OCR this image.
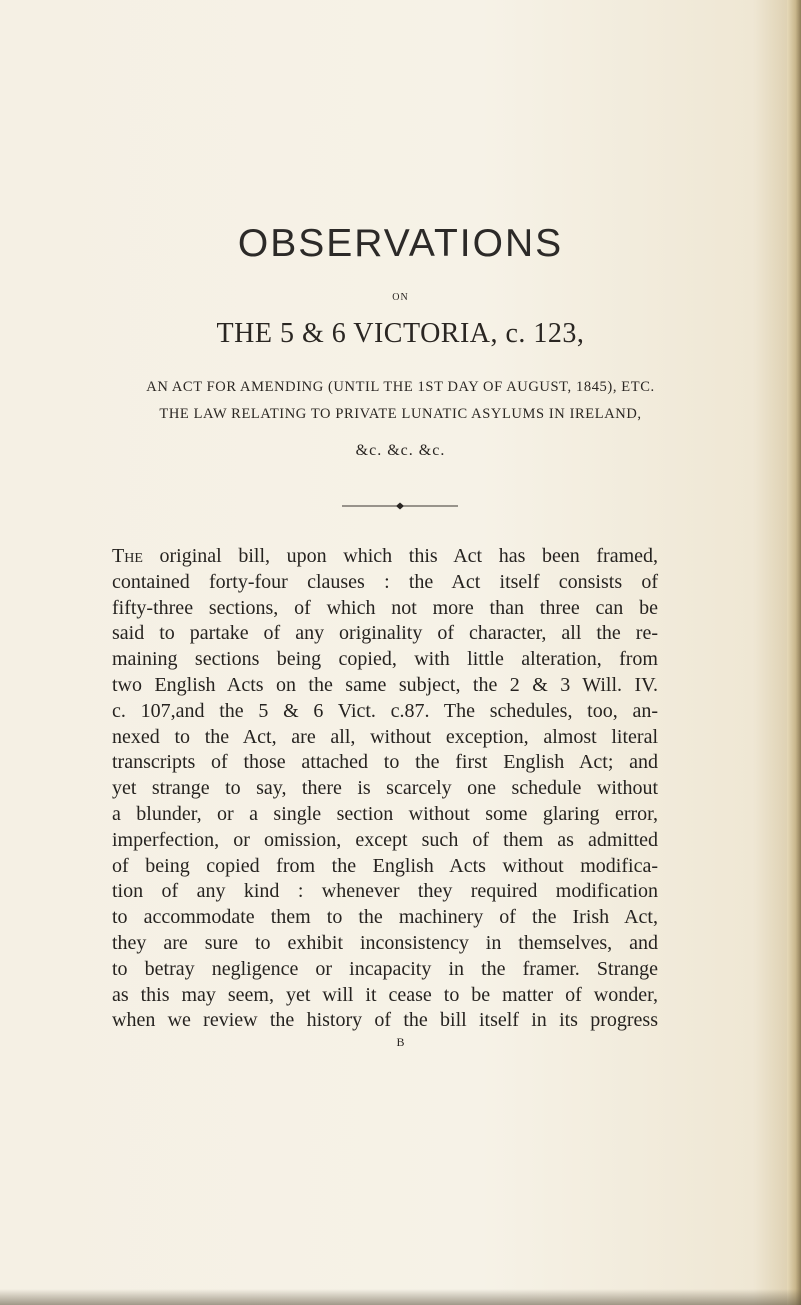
OBSERVATIONS
ON
THE 5 & 6 VICTORIA, c. 123,
AN ACT FOR AMENDING (UNTIL THE 1ST DAY OF AUGUST, 1845), ETC.
THE LAW RELATING TO PRIVATE LUNATIC ASYLUMS IN IRELAND,
&c. &c. &c.
The original bill, upon which this Act has been framed,
contained forty-four clauses : the Act itself consists of
fifty-three sections, of which not more than three can be
said to partake of any originality of character, all the re-
maining sections being copied, with little alteration, from
two English Acts on the same subject, the 2 & 3 Will. IV.
c. 107,and the 5 & 6 Vict. c.87. The schedules, too, an-
nexed to the Act, are all, without exception, almost literal
transcripts of those attached to the first English Act; and
yet strange to say, there is scarcely one schedule without
a blunder, or a single section without some glaring error,
imperfection, or omission, except such of them as admitted
of being copied from the English Acts without modifica-
tion of any kind : whenever they required modification
to accommodate them to the machinery of the Irish Act,
they are sure to exhibit inconsistency in themselves, and
to betray negligence or incapacity in the framer. Strange
as this may seem, yet will it cease to be matter of wonder,
when we review the history of the bill itself in its progress
B
